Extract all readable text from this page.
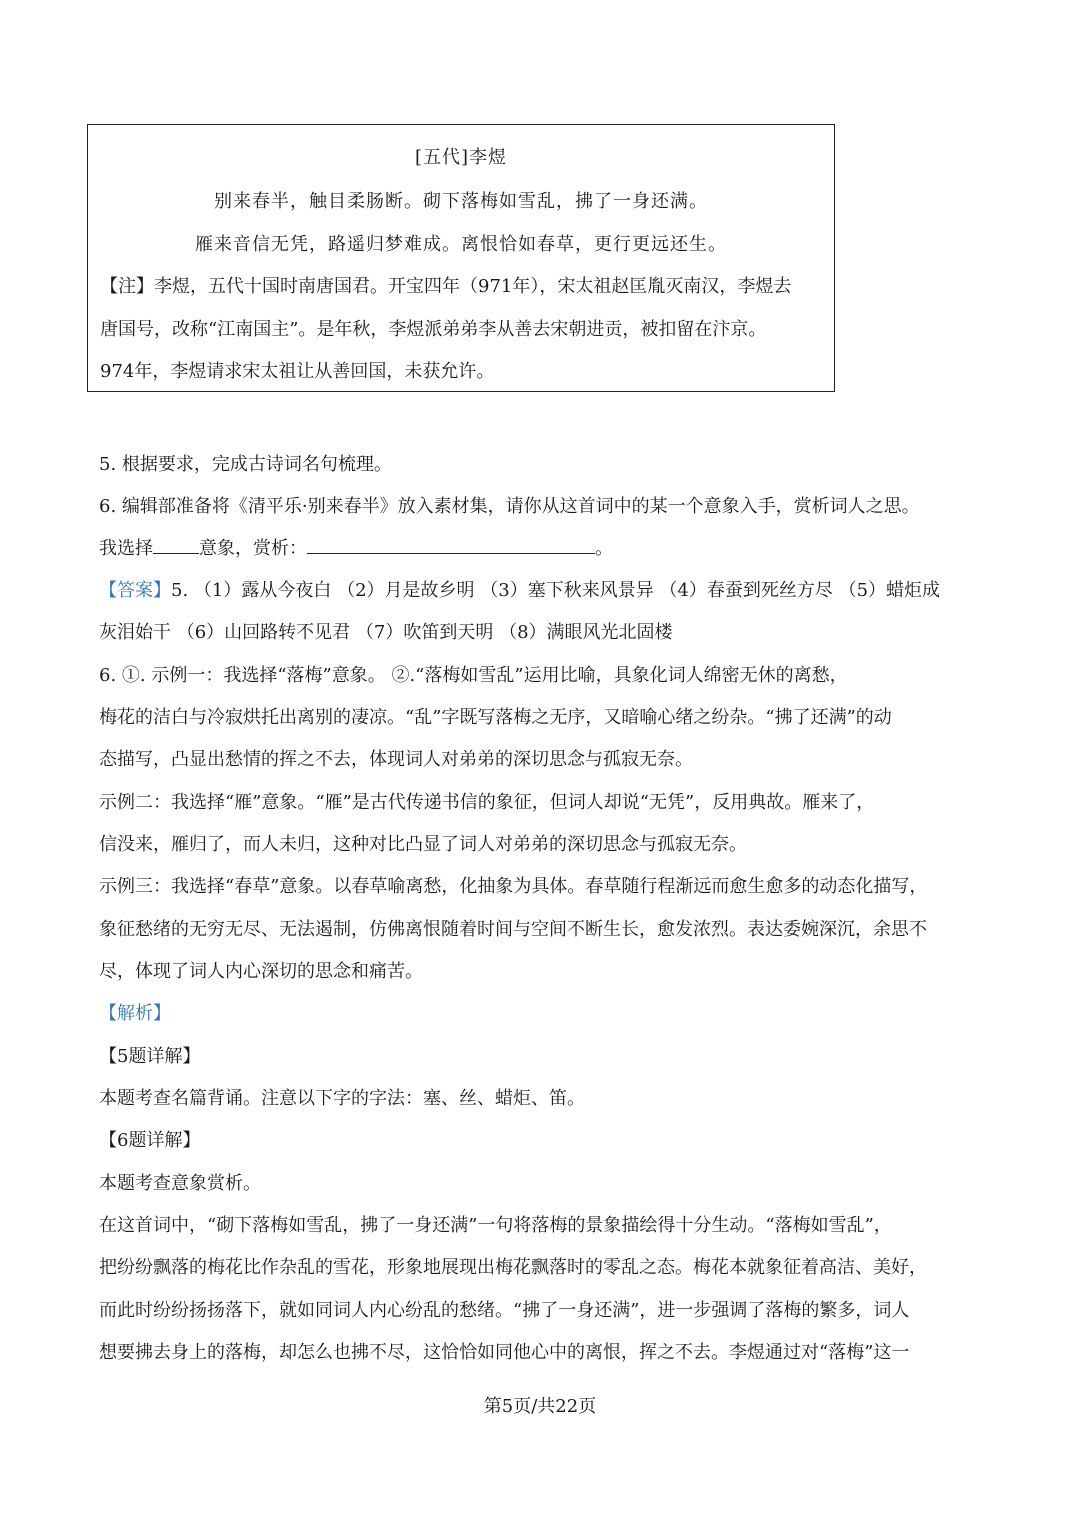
[五代]李煜
别来春半，触目柔肠断。砌下落梅如雪乱，拂了一身还满。
雁来音信无凭，路遥归梦难成。离恨恰如春草，更行更远还生。
【注】李煜，五代十国时南唐国君。开宝四年（971年），宋太祖赵匡胤灭南汉，李煜去
唐国号，改称“江南国主”。是年秋，李煜派弟弟李从善去宋朝进贡，被扣留在汴京。
974年，李煜请求宋太祖让从善回国，未获允许。
5. 根据要求，完成古诗词名句梳理。
6. 编辑部准备将《清平乐·别来春半》放入素材集，请你从这首词中的某一个意象入手，赏析词人之思。
我选择	意象，赏析：	。
【答案】5. （1）露从今夜白 （2）月是故乡明 （3）塞下秋来风景异 （4）春蚕到死丝方尽 （5）蜡炬成
灰泪始干 （6）山回路转不见君 （7）吹笛到天明 （8）满眼风光北固楼
6. ①. 示例一：我选择“落梅”意象。 ②.“落梅如雪乱”运用比喻，具象化词人绵密无休的离愁，
梅花的洁白与冷寂烘托出离别的凄凉。“乱”字既写落梅之无序，又暗喻心绪之纷杂。“拂了还满”的动
态描写，凸显出愁情的挥之不去，体现词人对弟弟的深切思念与孤寂无奈。
示例二：我选择“雁”意象。“雁”是古代传递书信的象征，但词人却说“无凭”，反用典故。雁来了，
信没来，雁归了，而人未归，这种对比凸显了词人对弟弟的深切思念与孤寂无奈。
示例三：我选择“春草”意象。以春草喻离愁，化抽象为具体。春草随行程渐远而愈生愈多的动态化描写，
象征愁绪的无穷无尽、无法遏制，仿佛离恨随着时间与空间不断生长，愈发浓烈。表达委婉深沉，余思不
尽，体现了词人内心深切的思念和痛苦。
【解析】
【5题详解】
本题考查名篇背诵。注意以下字的字法：塞、丝、蜡炬、笛。
【6题详解】
本题考查意象赏析。
在这首词中，“砌下落梅如雪乱，拂了一身还满”一句将落梅的景象描绘得十分生动。“落梅如雪乱”，
把纷纷飘落的梅花比作杂乱的雪花，形象地展现出梅花飘落时的零乱之态。梅花本就象征着高洁、美好，
而此时纷纷扬扬落下，就如同词人内心纷乱的愁绪。“拂了一身还满”，进一步强调了落梅的繁多，词人
想要拂去身上的落梅，却怎么也拂不尽，这恰恰如同他心中的离恨，挥之不去。李煜通过对“落梅”这一
第5页/共22页
